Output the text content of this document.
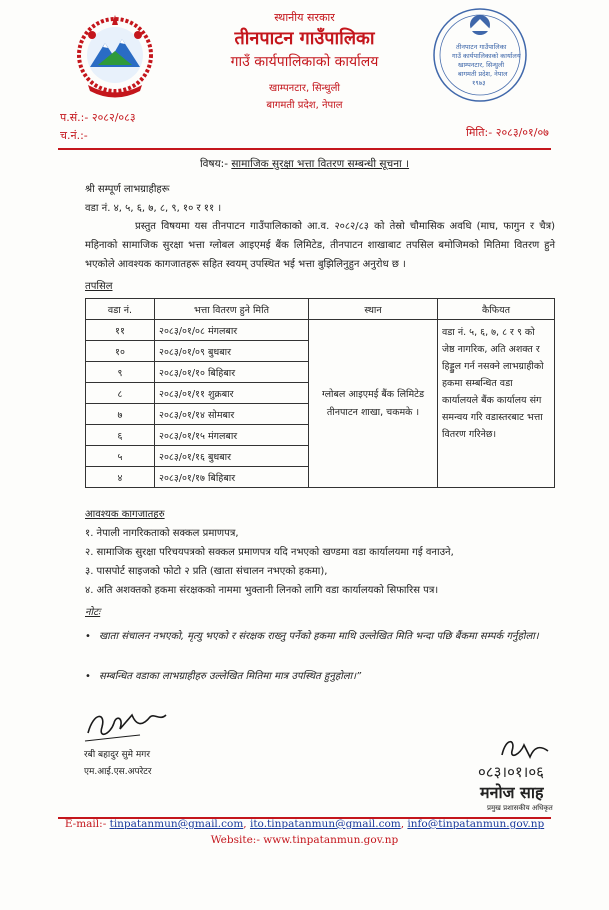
स्थानीय सरकार
तीनपाटन गाउँपालिका
गाउँ कार्यपालिकाको कार्यालय
खाम्पनटार, सिन्धुली
बागमती प्रदेश, नेपाल
तीनपाटन गाउँपालिका
गाउँ कार्यपालिकाको कार्यालय
खाम्पनटार, सिन्धुली
बागमती प्रदेश, नेपाल
१९७३
प.सं.:- २०८२/०८३
च.नं.:-	मिति:- २०८३/०१/०७
विषय:- सामाजिक सुरक्षा भत्ता वितरण सम्बन्धी सूचना ।
श्री सम्पूर्ण लाभग्राहीहरू
वडा नं. ४, ५, ६, ७, ८, ९, १० र ११ ।

प्रस्तुत विषयमा यस तीनपाटन गाउँपालिकाको आ.व. २०८२/८३ को तेस्रो चौमासिक अवधि (माघ, फागुन र चैत्र) महिनाको सामाजिक सुरक्षा भत्ता ग्लोबल आइएमई बैंक लिमिटेड, तीनपाटन शाखाबाट तपसिल बमोजिमको मितिमा वितरण हुने भएकोले आवश्यक कागजातहरू सहित स्वयम् उपस्थित भई भत्ता बुझिलिनुहुन अनुरोध छ ।

तपसिल
वडा नं.	भत्ता वितरण हुने मिति	स्थान	कैफियत
११	२०८३/०१/०८ मंगलबार	ग्लोबल आइएमई बैंक लिमिटेड तीनपाटन शाखा, चकमके ।	वडा नं. ५, ६, ७, ८ र ९ को जेष्ठ नागरिक, अति अशक्त र हिड्डुल गर्न नसक्ने लाभग्राहीको हकमा सम्बन्धित वडा कार्यालयले बैंक कार्यालय संग समन्वय गरि वडास्तरबाट भत्ता वितरण गरिनेछ।
१०	२०८३/०१/०९ बुधबार		
९	२०८३/०१/१० बिहिबार		
८	२०८३/०१/११ शुक्रबार		
७	२०८३/०१/१४ सोमबार		
६	२०८३/०१/१५ मंगलबार		
५	२०८३/०१/१६ बुधबार		
४	२०८३/०१/१७ बिहिबार		
आवश्यक कागजातहरु
१. नेपाली नागरिकताको सक्कल प्रमाणपत्र,
२. सामाजिक सुरक्षा परिचयपत्रको सक्कल प्रमाणपत्र यदि नभएको खण्डमा वडा कार्यालयमा गई वनाउने,
३. पासपोर्ट साइजको फोटो २ प्रति (खाता संचालन नभएको हकमा),
४. अति अशक्तको हकमा संरक्षकको नाममा भुक्तानी लिनको लागि वडा कार्यालयको सिफारिस पत्र।
नोटः
• खाता संचालन नभएको, मृत्यु भएको र संरक्षक राख्नु पर्नेको हकमा माथि उल्लेखित मिति भन्दा पछि बैंकमा सम्पर्क गर्नुहोला।
• सम्बन्धित वडाका लाभग्राहीहरु उल्लेखित मितिमा मात्र उपस्थित हुनुहोला।”
रबी बहादुर सुमे मगर
एम.आई.एस.अपरेटर	०८३।०१।०६
मनोज साह
प्रमुख प्रशासकीय अधिकृत
E-mail:- tinpatanmun@gmail.com, ito.tinpatanmun@gmail.com, info@tinpatanmun.gov.np
Website:- www.tinpatanmun.gov.np
